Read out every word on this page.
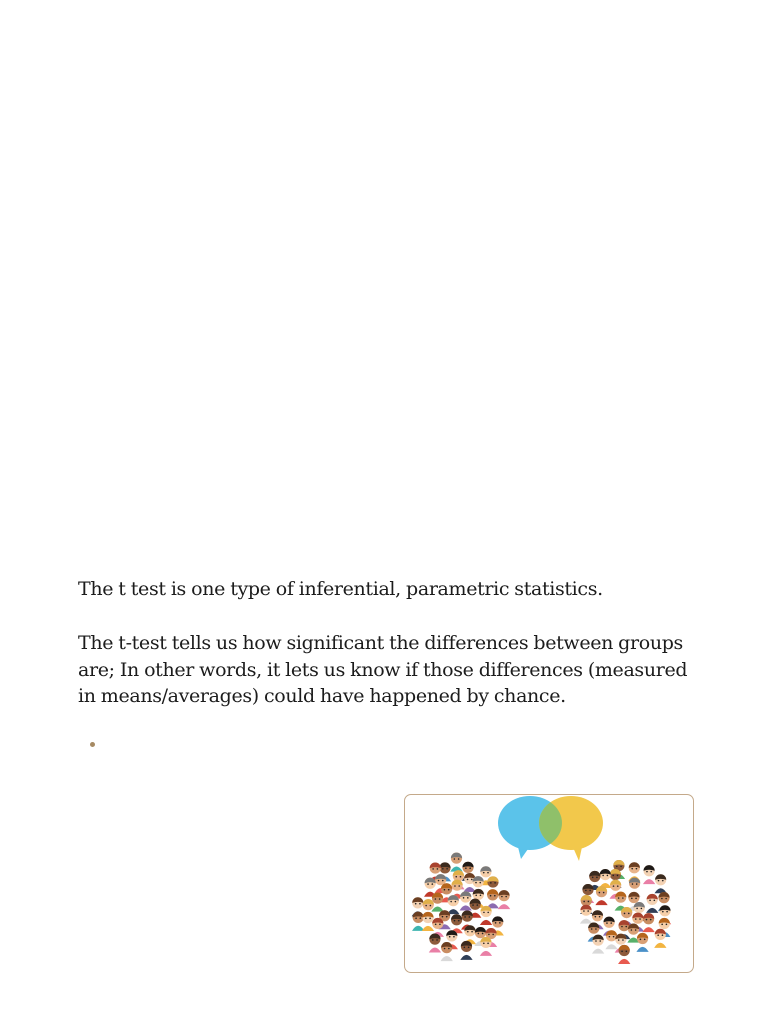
The t test is one type of inferential, parametric statistics.

The t-test tells us how significant the differences between groups are; In other words, it lets us know if those differences (measured in means/averages) could have happened by chance.
